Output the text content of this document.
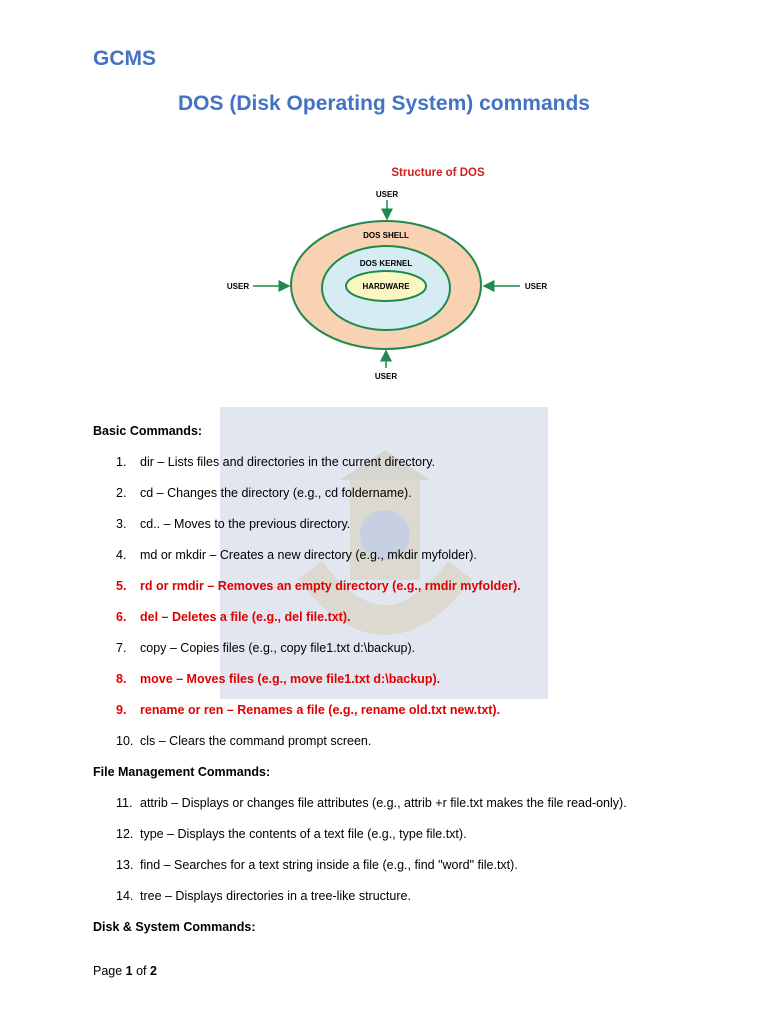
GCMS
DOS (Disk Operating System) commands
Structure of DOS
DOS SHELL
DOS KERNEL
HARDWARE
USER
USER	USER
USER
Basic Commands:
1. dir – Lists files and directories in the current directory.
2. cd – Changes the directory (e.g., cd foldername).
3. cd.. – Moves to the previous directory.
4. md or mkdir – Creates a new directory (e.g., mkdir myfolder).
5. rd or rmdir – Removes an empty directory (e.g., rmdir myfolder).
6. del – Deletes a file (e.g., del file.txt).
7. copy – Copies files (e.g., copy file1.txt d:\backup).
8. move – Moves files (e.g., move file1.txt d:\backup).
9. rename or ren – Renames a file (e.g., rename old.txt new.txt).
10. cls – Clears the command prompt screen.
File Management Commands:
11. attrib – Displays or changes file attributes (e.g., attrib +r file.txt makes the file read-only).
12. type – Displays the contents of a text file (e.g., type file.txt).
13. find – Searches for a text string inside a file (e.g., find "word" file.txt).
14. tree – Displays directories in a tree-like structure.
Disk & System Commands:
Page 1 of 2
